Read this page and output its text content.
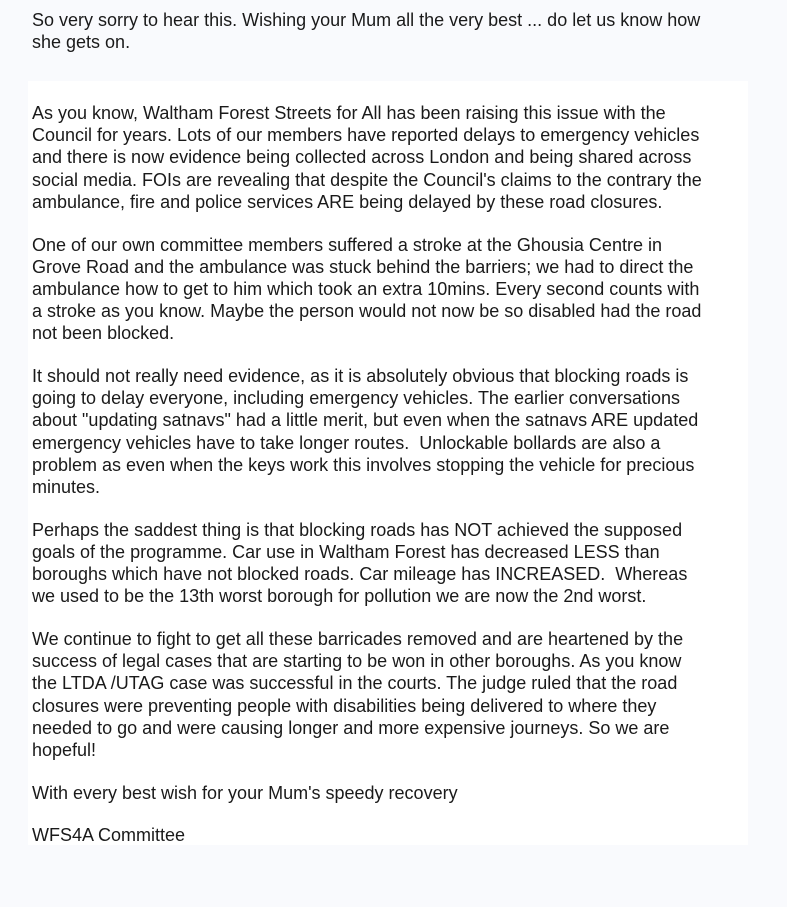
So very sorry to hear this. Wishing your Mum all the very best ... do let us know how
she gets on.
As you know, Waltham Forest Streets for All has been raising this issue with the
Council for years. Lots of our members have reported delays to emergency vehicles
and there is now evidence being collected across London and being shared across
social media. FOIs are revealing that despite the Council's claims to the contrary the
ambulance, fire and police services ARE being delayed by these road closures.
One of our own committee members suffered a stroke at the Ghousia Centre in
Grove Road and the ambulance was stuck behind the barriers; we had to direct the
ambulance how to get to him which took an extra 10mins. Every second counts with
a stroke as you know. Maybe the person would not now be so disabled had the road
not been blocked.
It should not really need evidence, as it is absolutely obvious that blocking roads is
going to delay everyone, including emergency vehicles. The earlier conversations
about "updating satnavs" had a little merit, but even when the satnavs ARE updated
emergency vehicles have to take longer routes.  Unlockable bollards are also a
problem as even when the keys work this involves stopping the vehicle for precious
minutes.
Perhaps the saddest thing is that blocking roads has NOT achieved the supposed
goals of the programme. Car use in Waltham Forest has decreased LESS than
boroughs which have not blocked roads. Car mileage has INCREASED.  Whereas
we used to be the 13th worst borough for pollution we are now the 2nd worst.
We continue to fight to get all these barricades removed and are heartened by the
success of legal cases that are starting to be won in other boroughs. As you know
the LTDA /UTAG case was successful in the courts. The judge ruled that the road
closures were preventing people with disabilities being delivered to where they
needed to go and were causing longer and more expensive journeys. So we are
hopeful!
With every best wish for your Mum's speedy recovery
WFS4A Committee
